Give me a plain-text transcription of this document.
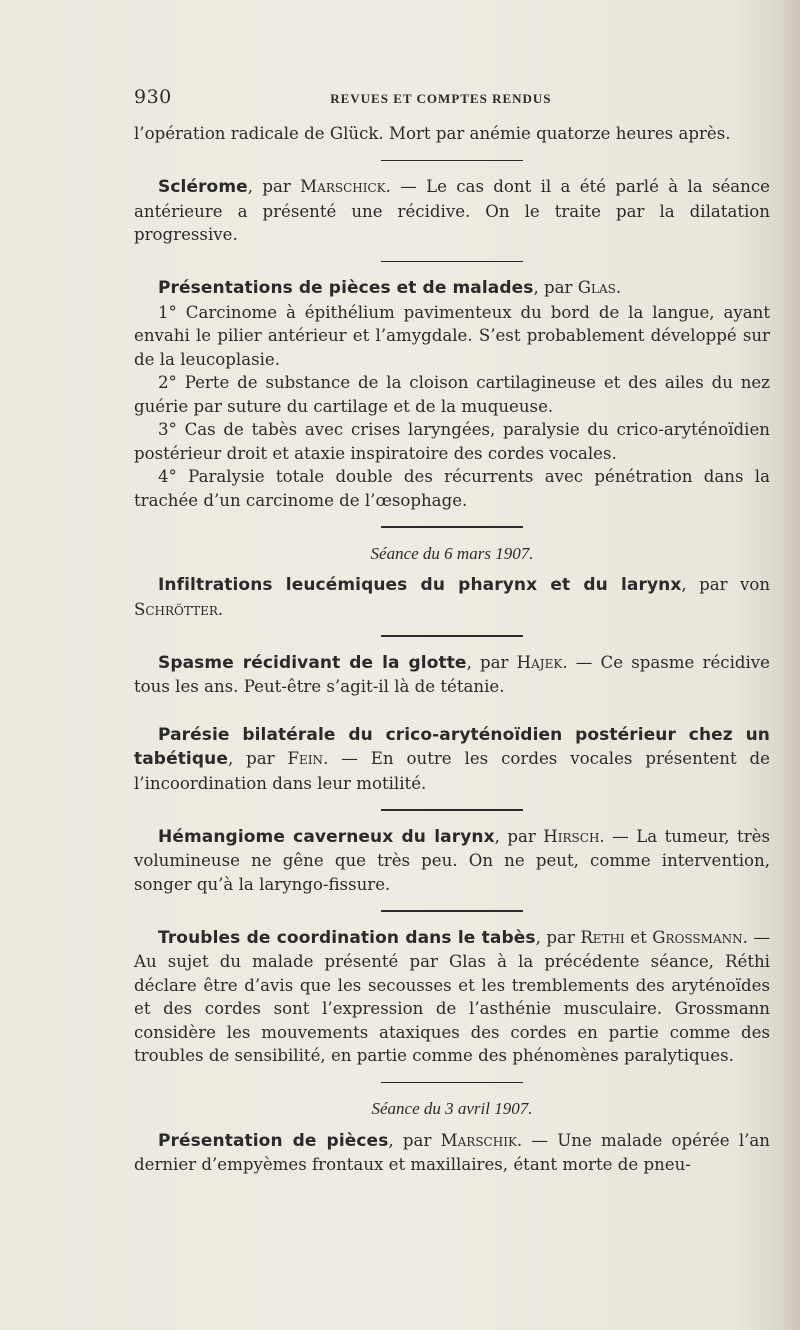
930	REVUES ET COMPTES RENDUS

l’opération radicale de Glück. Mort par anémie quatorze heures après.

Sclérome, par Marschick. — Le cas dont il a été parlé à la séance antérieure a présenté une récidive. On le traite par la dilatation progressive.

Présentations de pièces et de malades, par Glas.

1° Carcinome à épithélium pavimenteux du bord de la langue, ayant envahi le pilier antérieur et l’amygdale. S’est probablement développé sur de la leucoplasie.

2° Perte de substance de la cloison cartilagineuse et des ailes du nez guérie par suture du cartilage et de la muqueuse.

3° Cas de tabès avec crises laryngées, paralysie du crico-aryténoïdien postérieur droit et ataxie inspiratoire des cordes vocales.

4° Paralysie totale double des récurrents avec pénétration dans la trachée d’un carcinome de l’œsophage.

Séance du 6 mars 1907.

Infiltrations leucémiques du pharynx et du larynx, par von Schrötter.

Spasme récidivant de la glotte, par Hajek. — Ce spasme récidive tous les ans. Peut-être s’agit-il là de tétanie.

Parésie bilatérale du crico-aryténoïdien postérieur chez un tabétique, par Fein. — En outre les cordes vocales présentent de l’incoordination dans leur motilité.

Hémangiome caverneux du larynx, par Hirsch. — La tumeur, très volumineuse ne gêne que très peu. On ne peut, comme intervention, songer qu’à la laryngo-fissure.

Troubles de coordination dans le tabès, par Rethi et Grossmann. — Au sujet du malade présenté par Glas à la précédente séance, Réthi déclare être d’avis que les secousses et les tremblements des aryténoïdes et des cordes sont l’expression de l’asthénie musculaire. Grossmann considère les mouvements ataxiques des cordes en partie comme des troubles de sensibilité, en partie comme des phénomènes paralytiques.

Séance du 3 avril 1907.

Présentation de pièces, par Marschik. — Une malade opérée l’an dernier d’empyèmes frontaux et maxillaires, étant morte de pneu-
